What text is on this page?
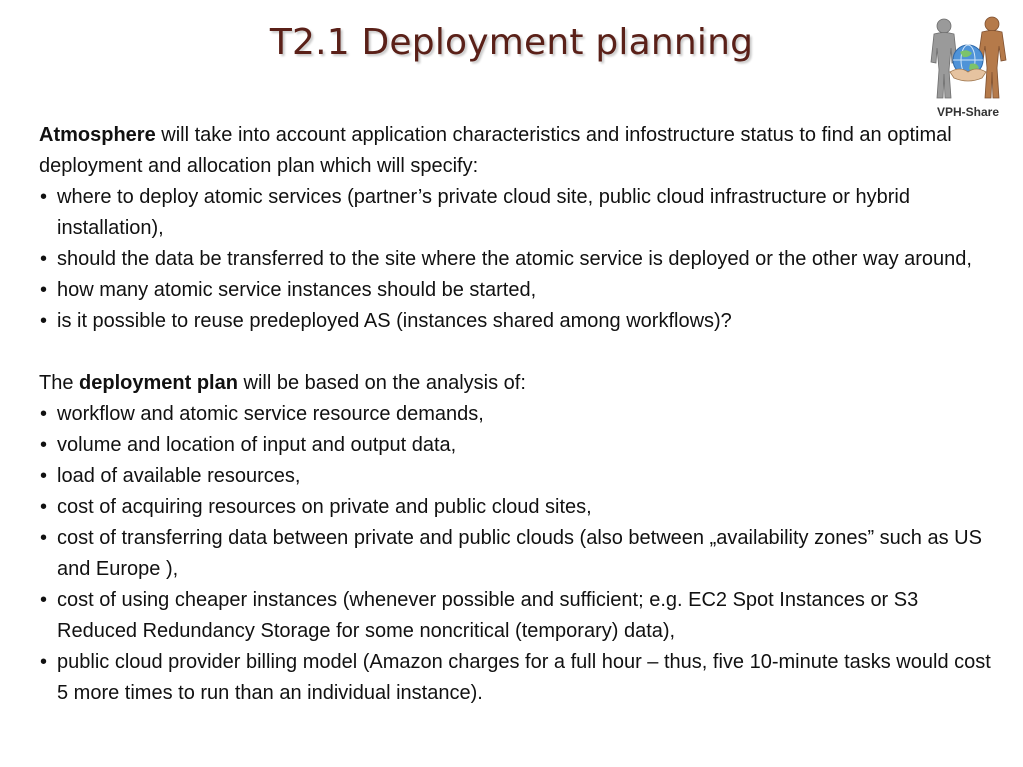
T2.1 Deployment planning
VPH-Share

Atmosphere will take into account application characteristics and infostructure status to find an optimal deployment and allocation plan which will specify:

• where to deploy atomic services (partner’s private cloud site, public cloud infrastructure or hybrid installation),
• should the data be transferred to the site where the atomic service is deployed or the other way around,
• how many atomic service instances should be started,
• is it possible to reuse predeployed AS (instances shared among workflows)?

The deployment plan will be based on the analysis of:

• workflow and atomic service resource demands,
• volume and location of input and output data,
• load of available resources,
• cost of acquiring resources on private and public cloud sites,
• cost of transferring data between private and public clouds (also between „availability zones” such as US and Europe ),
• cost of using cheaper instances (whenever possible and sufficient; e.g. EC2 Spot Instances or S3 Reduced Redundancy Storage for some noncritical (temporary) data),
• public cloud provider billing model (Amazon charges for a full hour – thus, five 10-minute tasks would cost 5 more times to run than an individual instance).
